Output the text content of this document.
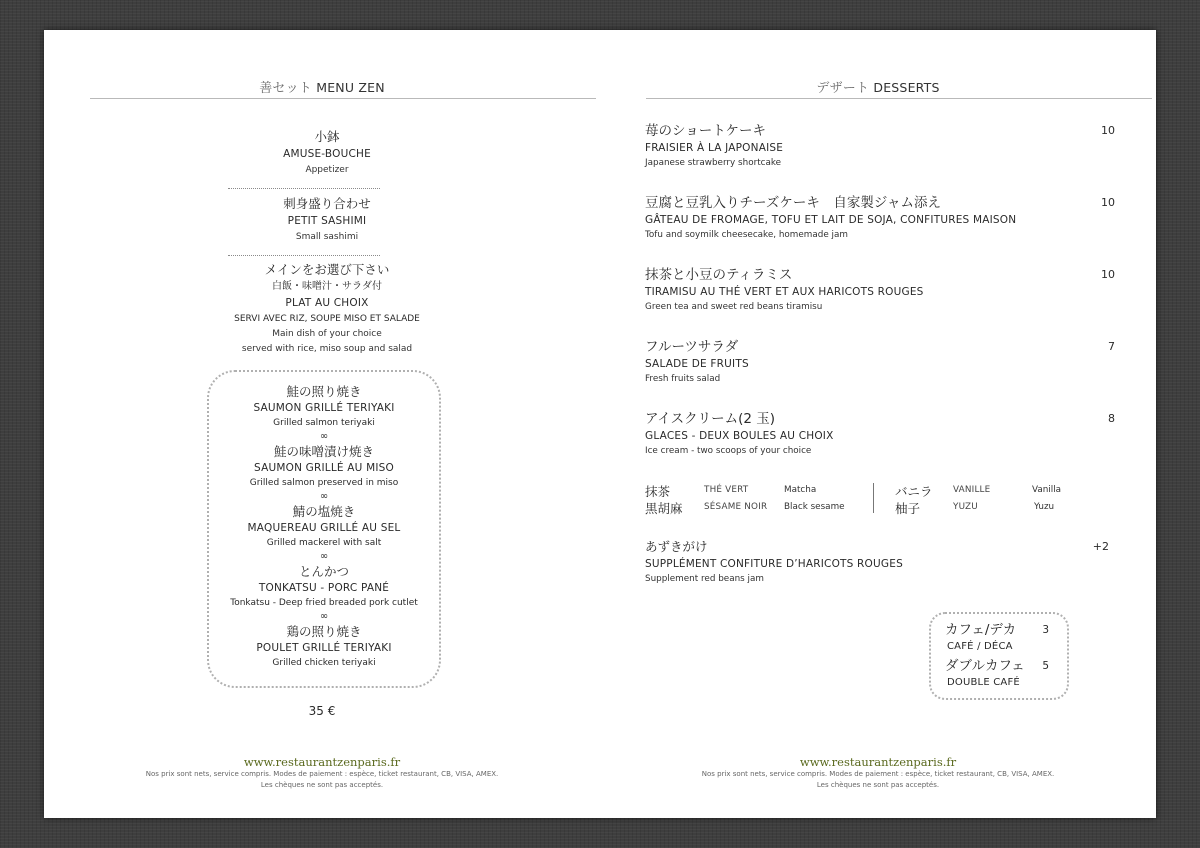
善セット MENU ZEN
小鉢
AMUSE-BOUCHE
Appetizer
刺身盛り合わせ
PETIT SASHIMI
Small sashimi
メインをお選び下さい
白飯・味噌汁・サラダ付
PLAT AU CHOIX
SERVI AVEC RIZ, SOUPE MISO ET SALADE
Main dish of your choice
served with rice, miso soup and salad
鮭の照り焼き
SAUMON GRILLÉ TERIYAKI
Grilled salmon teriyaki
∞
鮭の味噌漬け焼き
SAUMON GRILLÉ AU MISO
Grilled salmon preserved in miso
∞
鯖の塩焼き
MAQUEREAU GRILLÉ AU SEL
Grilled mackerel with salt
∞
とんかつ
TONKATSU - PORC PANÉ
Tonkatsu - Deep fried breaded pork cutlet
∞
鶏の照り焼き
POULET GRILLÉ TERIYAKI
Grilled chicken teriyaki
35 €
www.restaurantzenparis.fr
Nos prix sont nets, service compris. Modes de paiement : espèce, ticket restaurant, CB, VISA, AMEX.
Les chèques ne sont pas acceptés.
デザート DESSERTS
苺のショートケーキ
FRAISIER À LA JAPONAISE
Japanese strawberry shortcake
10
豆腐と豆乳入りチーズケーキ　自家製ジャム添え
GÂTEAU DE FROMAGE, TOFU ET LAIT DE SOJA, CONFITURES MAISON
Tofu and soymilk cheesecake, homemade jam
10
抹茶と小豆のティラミス
TIRAMISU AU THÉ VERT ET AUX HARICOTS ROUGES
Green tea and sweet red beans tiramisu
10
フルーツサラダ
SALADE DE FRUITS
Fresh fruits salad
7
アイスクリーム(2 玉)
GLACES - DEUX BOULES AU CHOIX
Ice cream - two scoops of your choice
8
抹茶	THÉ VERT	Matcha
黒胡麻 SÉSAME NOIR Black sesame
バニラ VANILLE	Vanilla
柚子	YUZU	Yuzu
あずきがけ
SUPPLÉMENT CONFITURE D’HARICOTS ROUGES
Supplement red beans jam
+2
カフェ/デカ
CAFÉ / DÉCA
3
ダブルカフェ
DOUBLE CAFÉ
5
www.restaurantzenparis.fr
Nos prix sont nets, service compris. Modes de paiement : espèce, ticket restaurant, CB, VISA, AMEX.
Les chèques ne sont pas acceptés.
